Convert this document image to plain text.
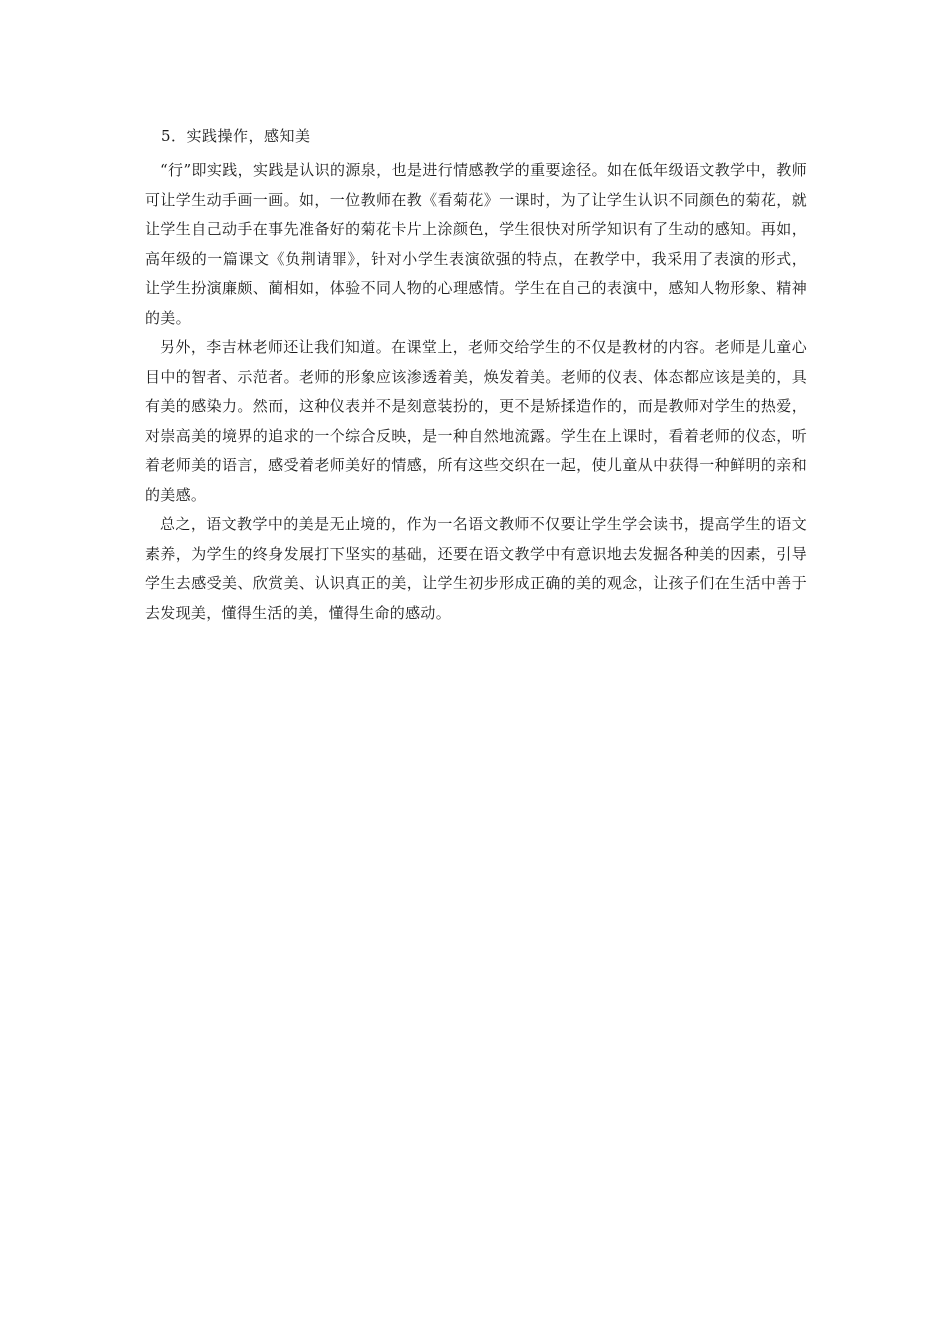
5．实践操作，感知美

“行”即实践，实践是认识的源泉，也是进行情感教学的重要途径。如在低年级语文教学中，教师可让学生动手画一画。如，一位教师在教《看菊花》一课时，为了让学生认识不同颜色的菊花，就让学生自己动手在事先准备好的菊花卡片上涂颜色，学生很快对所学知识有了生动的感知。再如，高年级的一篇课文《负荆请罪》，针对小学生表演欲强的特点，在教学中，我采用了表演的形式，让学生扮演廉颇、蔺相如，体验不同人物的心理感情。学生在自己的表演中，感知人物形象、精神的美。

另外，李吉林老师还让我们知道。在课堂上，老师交给学生的不仅是教材的内容。老师是儿童心目中的智者、示范者。老师的形象应该渗透着美，焕发着美。老师的仪表、体态都应该是美的，具有美的感染力。然而，这种仪表并不是刻意装扮的，更不是矫揉造作的，而是教师对学生的热爱，对崇高美的境界的追求的一个综合反映，是一种自然地流露。学生在上课时，看着老师的仪态，听着老师美的语言，感受着老师美好的情感，所有这些交织在一起，使儿童从中获得一种鲜明的亲和的美感。

总之，语文教学中的美是无止境的，作为一名语文教师不仅要让学生学会读书，提高学生的语文素养，为学生的终身发展打下坚实的基础，还要在语文教学中有意识地去发掘各种美的因素，引导学生去感受美、欣赏美、认识真正的美，让学生初步形成正确的美的观念，让孩子们在生活中善于去发现美，懂得生活的美，懂得生命的感动。
